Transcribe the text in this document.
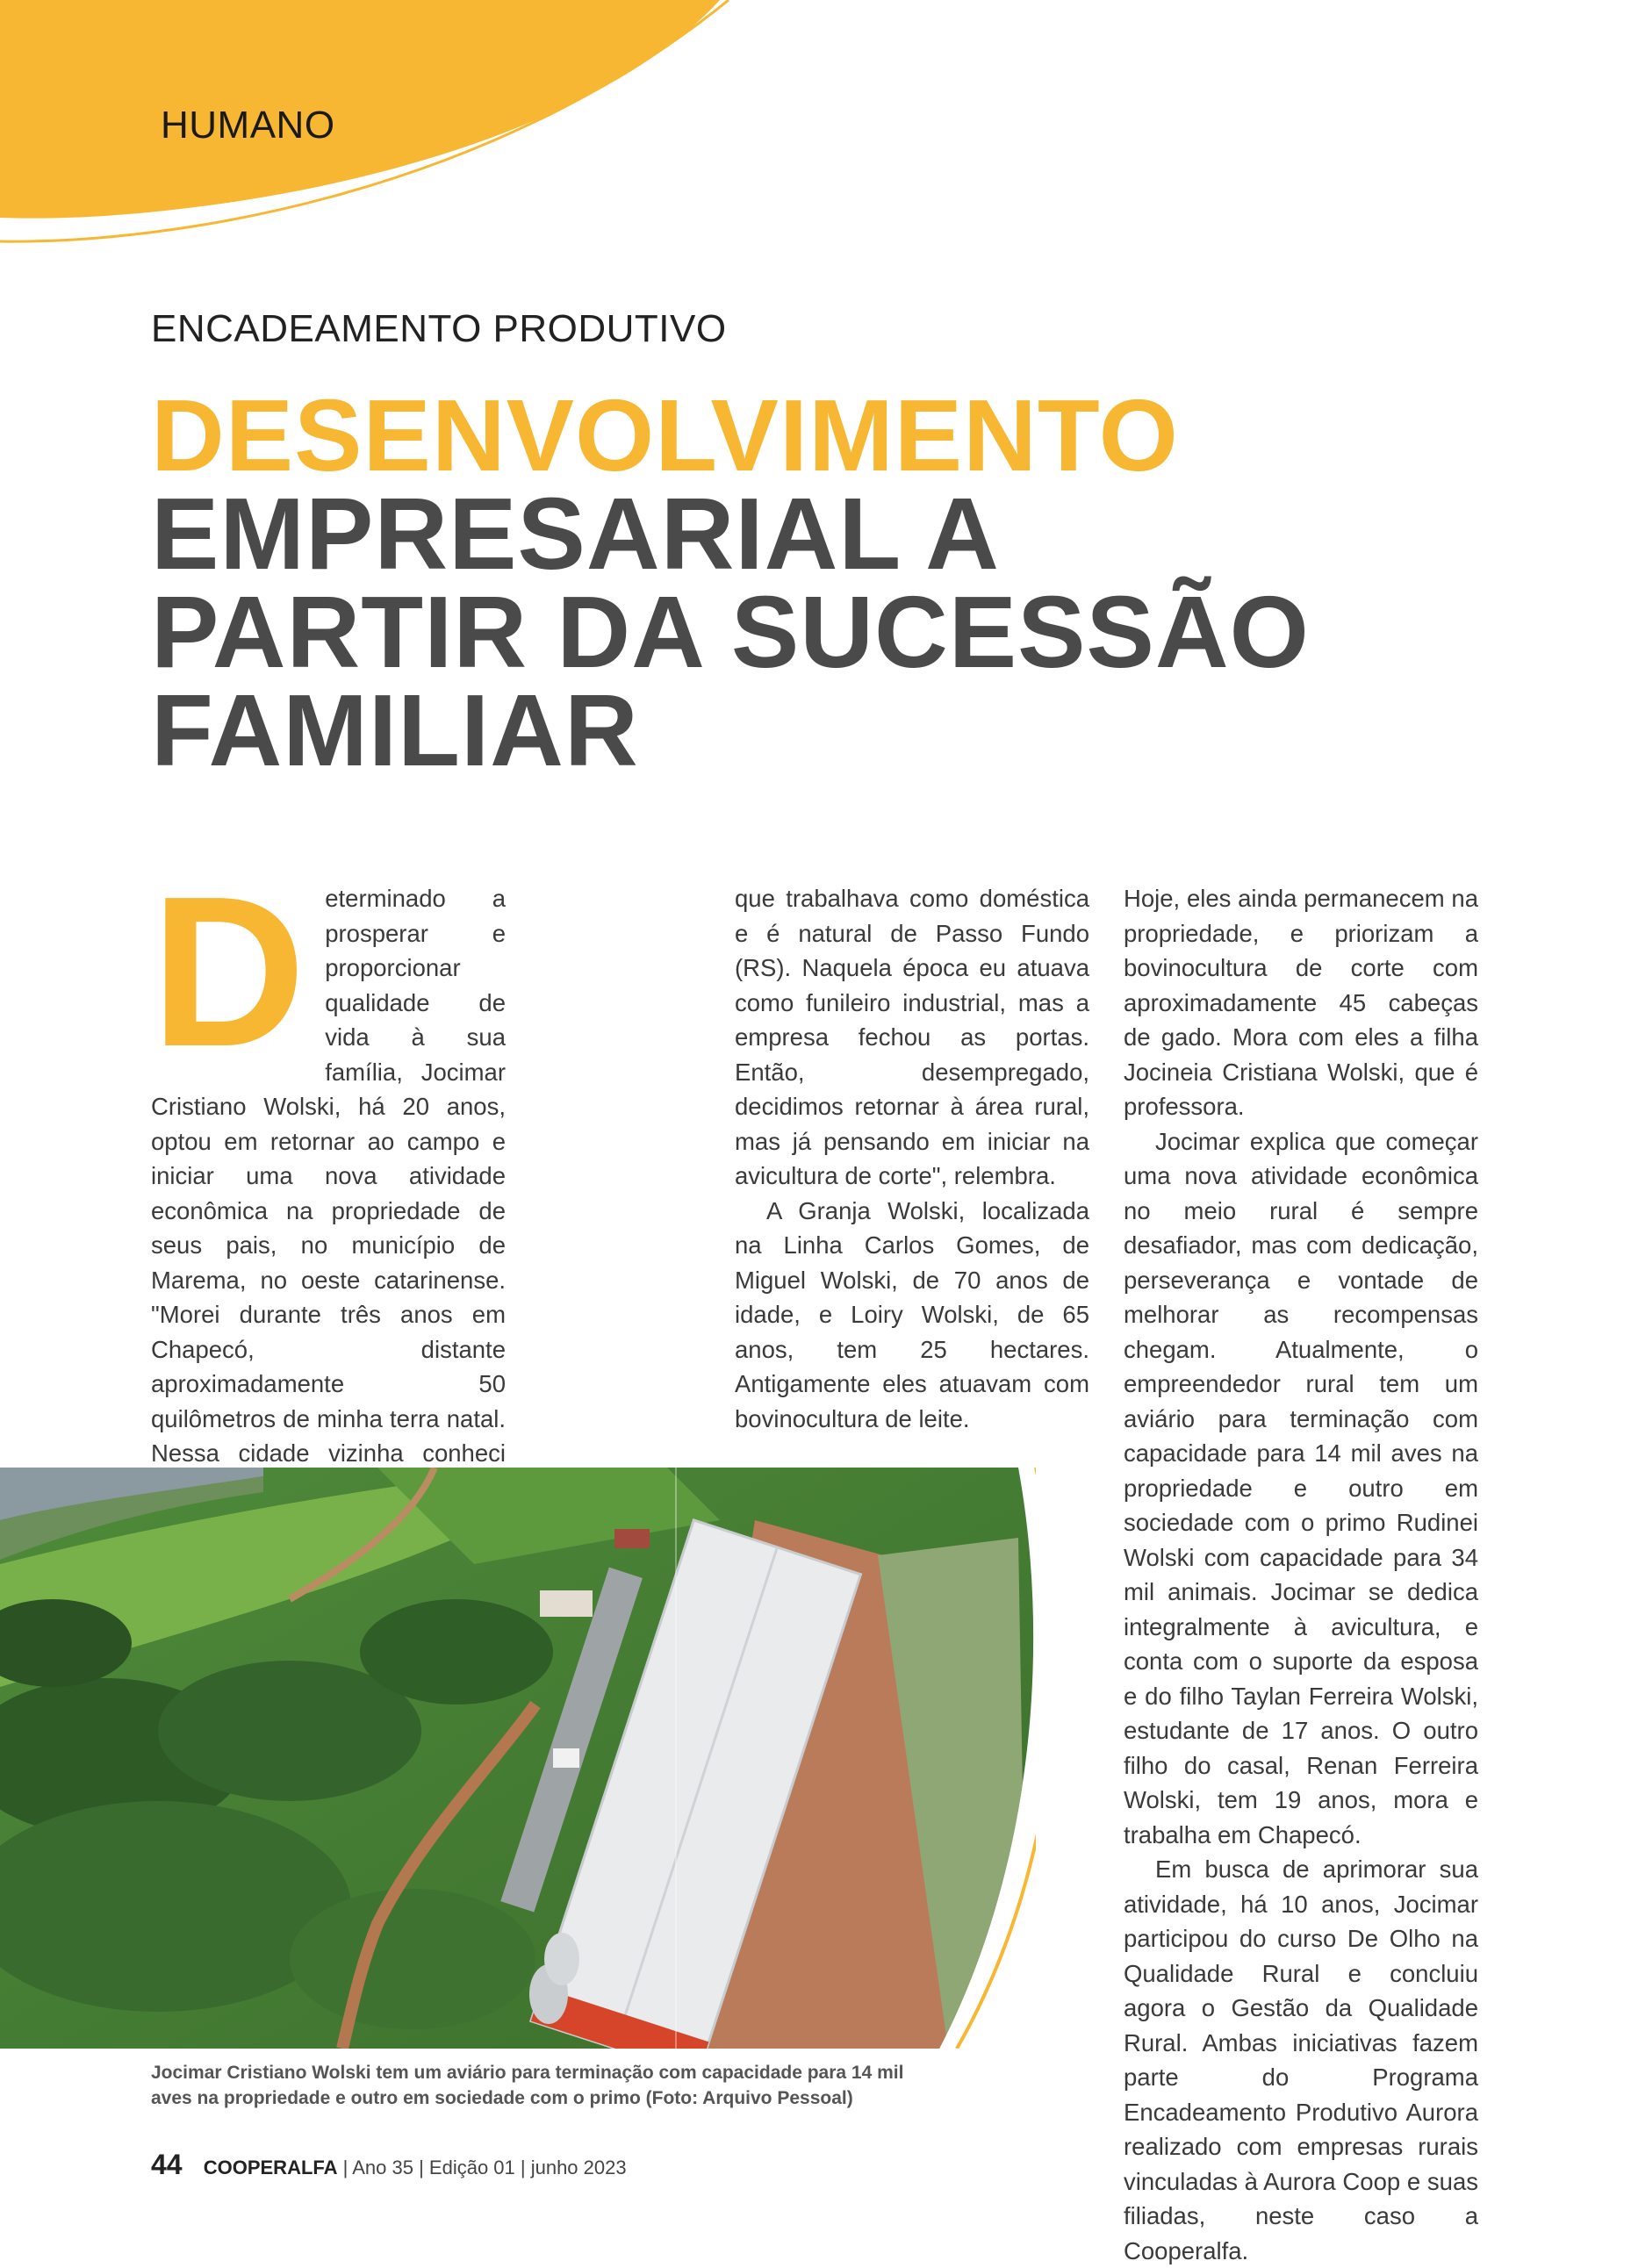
HUMANO

ENCADEAMENTO PRODUTIVO

DESENVOLVIMENTO
EMPRESARIAL A
PARTIR DA SUCESSÃO
FAMILIAR
D eterminado a prosperar e proporcionar qualidade de vida à sua família, Jocimar Cristiano Wolski, há 20 anos, optou em retornar ao campo e iniciar uma nova atividade econômica na propriedade de seus pais, no município de Marema, no oeste catarinense. "Morei durante três anos em Chapecó, distante aproximadamente 50 quilômetros de minha terra natal. Nessa cidade vizinha conheci

que trabalhava como doméstica e é natural de Passo Fundo (RS). Naquela época eu atuava como funileiro industrial, mas a empresa fechou as portas. Então, desempregado, decidimos retornar à área rural, mas já pensando em iniciar na avicultura de corte", relembra.

A Granja Wolski, localizada na Linha Carlos Gomes, de Miguel Wolski, de 70 anos de idade, e Loiry Wolski, de 65 anos, tem 25 hectares. Antigamente eles atuavam com bovinocultura de leite.

Hoje, eles ainda permanecem na propriedade, e priorizam a bovinocultura de corte com aproximadamente 45 cabeças de gado. Mora com eles a filha Jocineia Cristiana Wolski, que é professora.

Jocimar explica que começar uma nova atividade econômica no meio rural é sempre desafiador, mas com dedicação, perseverança e vontade de melhorar as recompensas chegam. Atualmente, o empreendedor rural tem um aviário para terminação com capacidade para 14 mil aves na propriedade e outro em sociedade com o primo Rudinei Wolski com capacidade para 34 mil animais. Jocimar se dedica integralmente à avicultura, e conta com o suporte da esposa e do filho Taylan Ferreira Wolski, estudante de 17 anos. O outro filho do casal, Renan Ferreira Wolski, tem 19 anos, mora e trabalha em Chapecó.

Em busca de aprimorar sua atividade, há 10 anos, Jocimar participou do curso De Olho na Qualidade Rural e concluiu agora o Gestão da Qualidade Rural. Ambas iniciativas fazem parte do Programa Encadeamento Produtivo Aurora realizado com empresas rurais vinculadas à Aurora Coop e suas filiadas, neste caso a Cooperalfa.

Jocimar Cristiano Wolski tem um aviário para terminação com capacidade para 14 mil aves na propriedade e outro em sociedade com o primo (Foto: Arquivo Pessoal)

44 COOPERALFA | Ano 35 | Edição 01 | junho 2023
